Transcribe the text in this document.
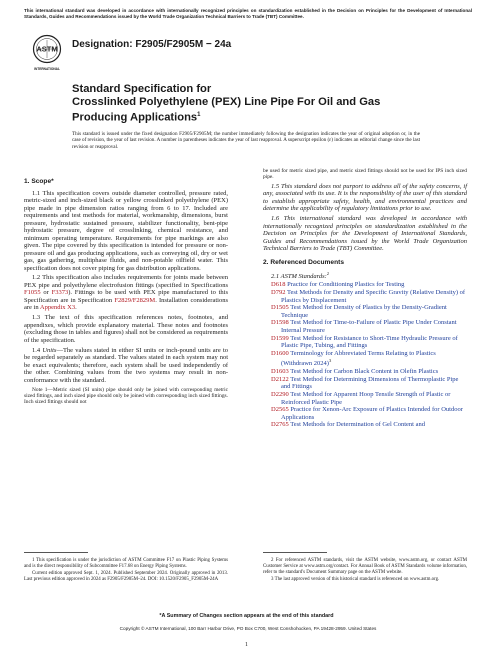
This international standard was developed in accordance with internationally recognized principles on standardization established in the Decision on Principles for the Development of International Standards, Guides and Recommendations issued by the World Trade Organization Technical Barriers to Trade (TBT) Committee.
ASTM
INTERNATIONAL
Designation: F2905/F2905M − 24a
Standard Specification for
Crosslinked Polyethylene (PEX) Line Pipe For Oil and Gas
Producing Applications$^1$
This standard is issued under the fixed designation F2905/F2905M; the number immediately following the designation indicates the year of original adoption or, in the case of revision, the year of last revision. A number in parentheses indicates the year of last reapproval. A superscript epsilon (ε) indicates an editorial change since the last revision or reapproval.
1. Scope*

1.1 This specification covers outside diameter controlled, pressure rated, metric-sized and inch-sized black or yellow crosslinked polyethylene (PEX) pipe made in pipe dimension ratios ranging from 6 to 17. Included are requirements and test methods for material, workmanship, dimensions, burst pressure, hydrostatic sustained pressure, stabilizer functionality, bent-pipe hydrostatic pressure, degree of crosslinking, chemical resistance, and minimum operating temperature. Requirements for pipe markings are also given. The pipe covered by this specification is intended for pressure or non-pressure oil and gas producing applications, such as conveying oil, dry or wet gas, gas gathering, multiphase fluids, and non-potable oilfield water. This specification does not cover piping for gas distribution applications.

1.2 This specification also includes requirements for joints made between PEX pipe and polyethylene electrofusion fittings (specified in Specifications F1055 or F3373). Fittings to be used with PEX pipe manufactured to this Specification are in Specification F2829/F2829M. Installation considerations are in Appendix X3.

1.3 The text of this specification references notes, footnotes, and appendixes, which provide explanatory material. These notes and footnotes (excluding those in tables and figures) shall not be considered as requirements of the specification.

1.4 Units—The values stated in either SI units or inch-pound units are to be regarded separately as standard. The values stated in each system may not be exact equivalents; therefore, each system shall be used independently of the other. Combining values from the two systems may result in non-conformance with the standard.

Note 1—Metric sized (SI units) pipe should only be joined with corresponding metric sized fittings, and inch sized pipe should only be joined with corresponding inch sized fittings. Inch sized fittings should not

be used for metric sized pipe, and metric sized fittings should not be used for IPS inch sized pipe.

1.5 This standard does not purport to address all of the safety concerns, if any, associated with its use. It is the responsibility of the user of this standard to establish appropriate safety, health, and environmental practices and determine the applicability of regulatory limitations prior to use.

1.6 This international standard was developed in accordance with internationally recognized principles on standardization established in the Decision on Principles for the Development of International Standards, Guides and Recommendations issued by the World Trade Organization Technical Barriers to Trade (TBT) Committee.

2. Referenced Documents
2.1 ASTM Standards:$^2$
D618 Practice for Conditioning Plastics for Testing
D792 Test Methods for Density and Specific Gravity (Relative Density) of Plastics by Displacement
D1505 Test Method for Density of Plastics by the Density-Gradient Technique
D1598 Test Method for Time-to-Failure of Plastic Pipe Under Constant Internal Pressure
D1599 Test Method for Resistance to Short-Time Hydraulic Pressure of Plastic Pipe, Tubing, and Fittings
D1600 Terminology for Abbreviated Terms Relating to Plastics (Withdrawn 2024)$^3$
D1603 Test Method for Carbon Black Content in Olefin Plastics
D2122 Test Method for Determining Dimensions of Thermoplastic Pipe and Fittings
D2290 Test Method for Apparent Hoop Tensile Strength of Plastic or Reinforced Plastic Pipe
D2565 Practice for Xenon-Arc Exposure of Plastics Intended for Outdoor Applications
D2765 Test Methods for Determination of Gel Content and

1 This specification is under the jurisdiction of ASTM Committee F17 on Plastic Piping Systems and is the direct responsibility of Subcommittee F17.68 on Energy Piping Systems.

Current edition approved Sept. 1, 2024. Published September 2024. Originally approved in 2013. Last previous edition approved in 2024 as F2905/F2905M–24. DOI: 10.1520/F2905_F2905M-24A

2 For referenced ASTM standards, visit the ASTM website, www.astm.org, or contact ASTM Customer Service at www.astm.org/contact. For Annual Book of ASTM Standards volume information, refer to the standard's Document Summary page on the ASTM website.

3 The last approved version of this historical standard is referenced on www.astm.org.

*A Summary of Changes section appears at the end of this standard
Copyright © ASTM International, 100 Barr Harbor Drive, PO Box C700, West Conshohocken, PA 19428-2959. United States
1
